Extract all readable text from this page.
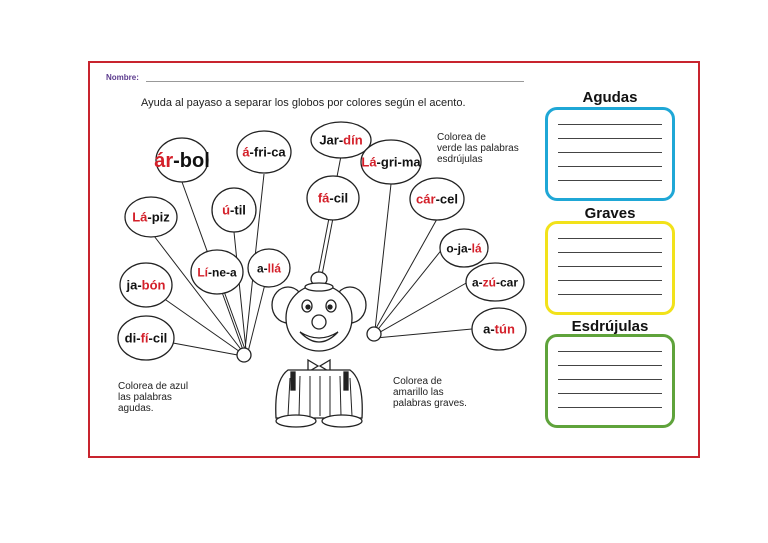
Nombre:
Ayuda al payaso a separar los globos por colores según el acento.
ár-bol	á-fri-ca
Jar-dín
Lá-gri-ma
Lá-piz	ú-til
fá-cil	cár-cel
o-ja-lá
ja-bón
Lí-ne-a a-llá
a-zú-car
di-fí-cil
a-tún
Colorea de
verde las palabras
esdrújulas
Colorea de azul
las palabras
agudas.
Colorea de
amarillo las
palabras graves.
Agudas
Graves
Esdrújulas
